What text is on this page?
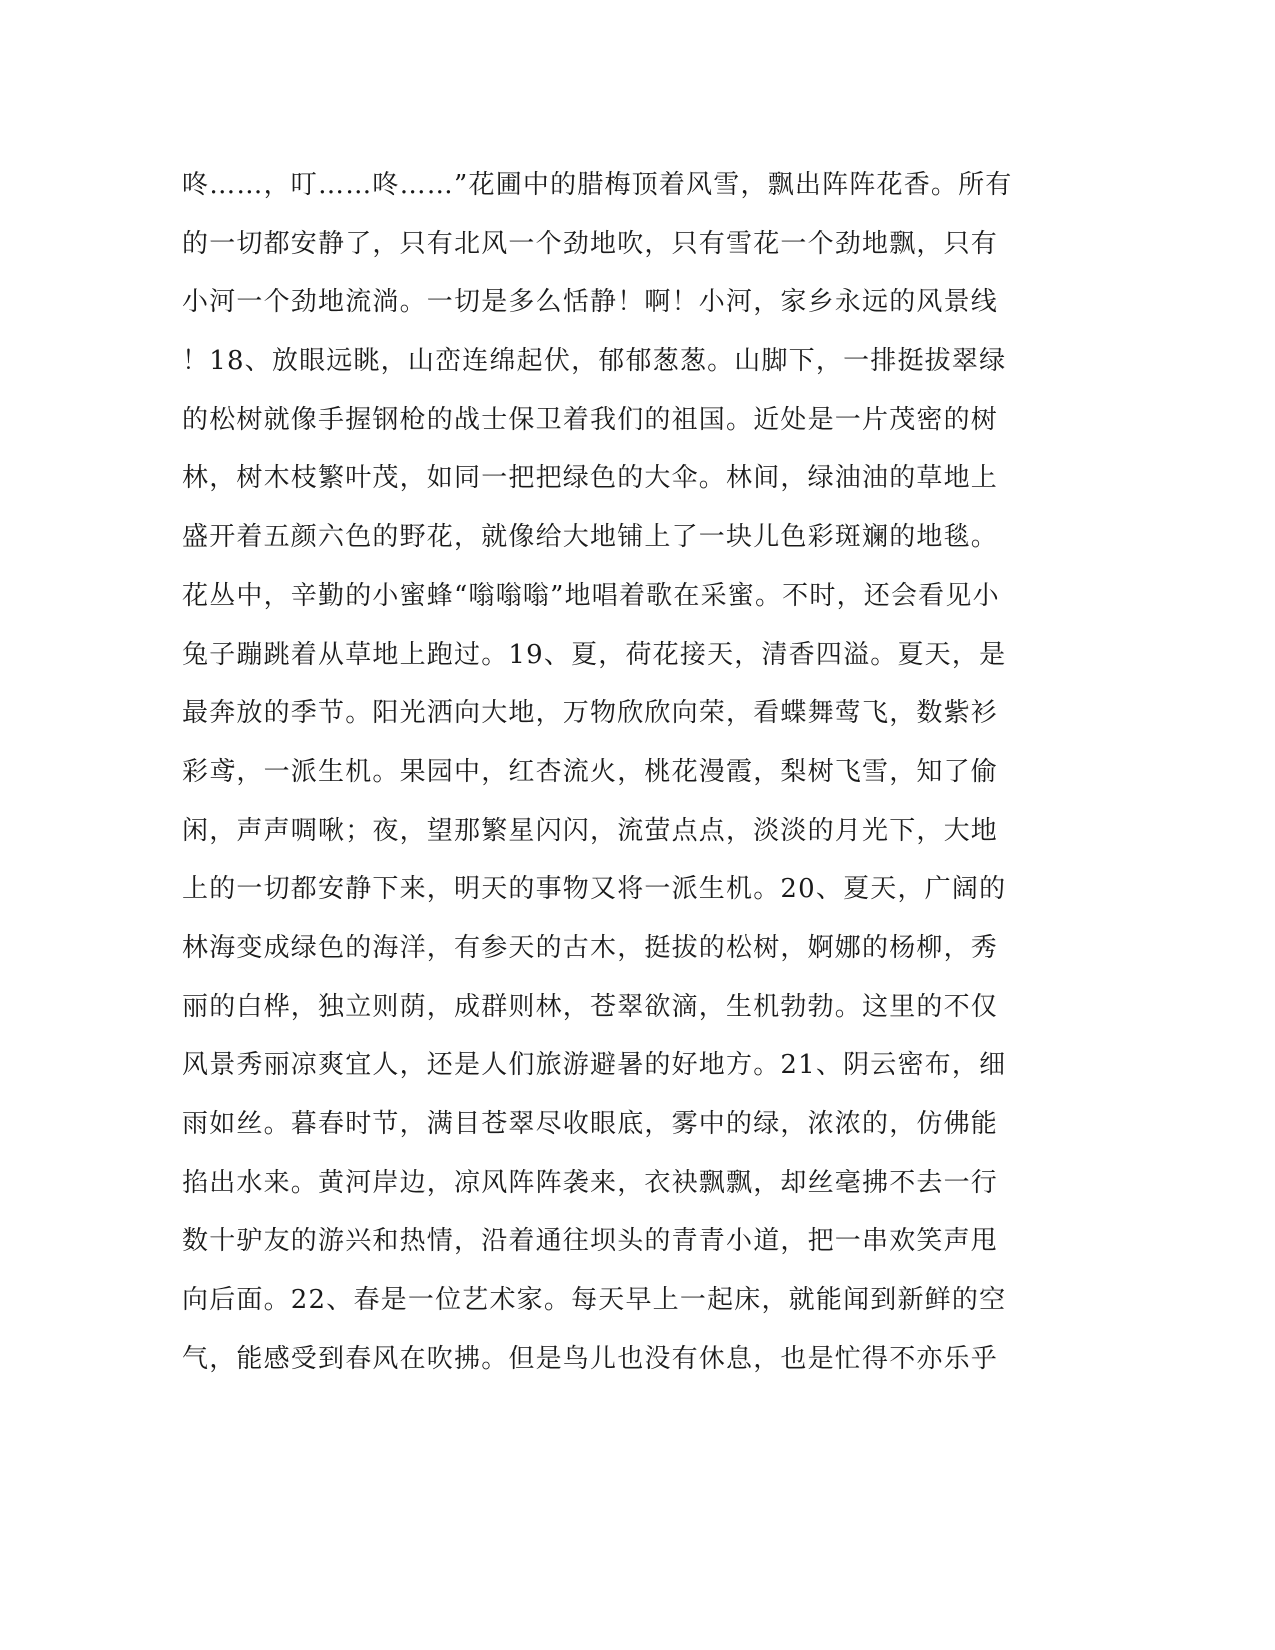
咚……，叮……咚……”花圃中的腊梅顶着风雪，飘出阵阵花香。所有
的一切都安静了，只有北风一个劲地吹，只有雪花一个劲地飘，只有
小河一个劲地流淌。一切是多么恬静！啊！小河，家乡永远的风景线
！18、放眼远眺，山峦连绵起伏，郁郁葱葱。山脚下，一排挺拔翠绿
的松树就像手握钢枪的战士保卫着我们的祖国。近处是一片茂密的树
林，树木枝繁叶茂，如同一把把绿色的大伞。林间，绿油油的草地上
盛开着五颜六色的野花，就像给大地铺上了一块儿色彩斑斓的地毯。
花丛中，辛勤的小蜜蜂“嗡嗡嗡”地唱着歌在采蜜。不时，还会看见小
兔子蹦跳着从草地上跑过。19、夏，荷花接天，清香四溢。夏天，是
最奔放的季节。阳光洒向大地，万物欣欣向荣，看蝶舞莺飞，数紫衫
彩鸢，一派生机。果园中，红杏流火，桃花漫霞，梨树飞雪，知了偷
闲，声声啁啾；夜，望那繁星闪闪，流萤点点，淡淡的月光下，大地
上的一切都安静下来，明天的事物又将一派生机。20、夏天，广阔的
林海变成绿色的海洋，有参天的古木，挺拔的松树，婀娜的杨柳，秀
丽的白桦，独立则荫，成群则林，苍翠欲滴，生机勃勃。这里的不仅
风景秀丽凉爽宜人，还是人们旅游避暑的好地方。21、阴云密布，细
雨如丝。暮春时节，满目苍翠尽收眼底，雾中的绿，浓浓的，仿佛能
掐出水来。黄河岸边，凉风阵阵袭来，衣袂飘飘，却丝毫拂不去一行
数十驴友的游兴和热情，沿着通往坝头的青青小道，把一串欢笑声甩
向后面。22、春是一位艺术家。每天早上一起床，就能闻到新鲜的空
气，能感受到春风在吹拂。但是鸟儿也没有休息，也是忙得不亦乐乎
